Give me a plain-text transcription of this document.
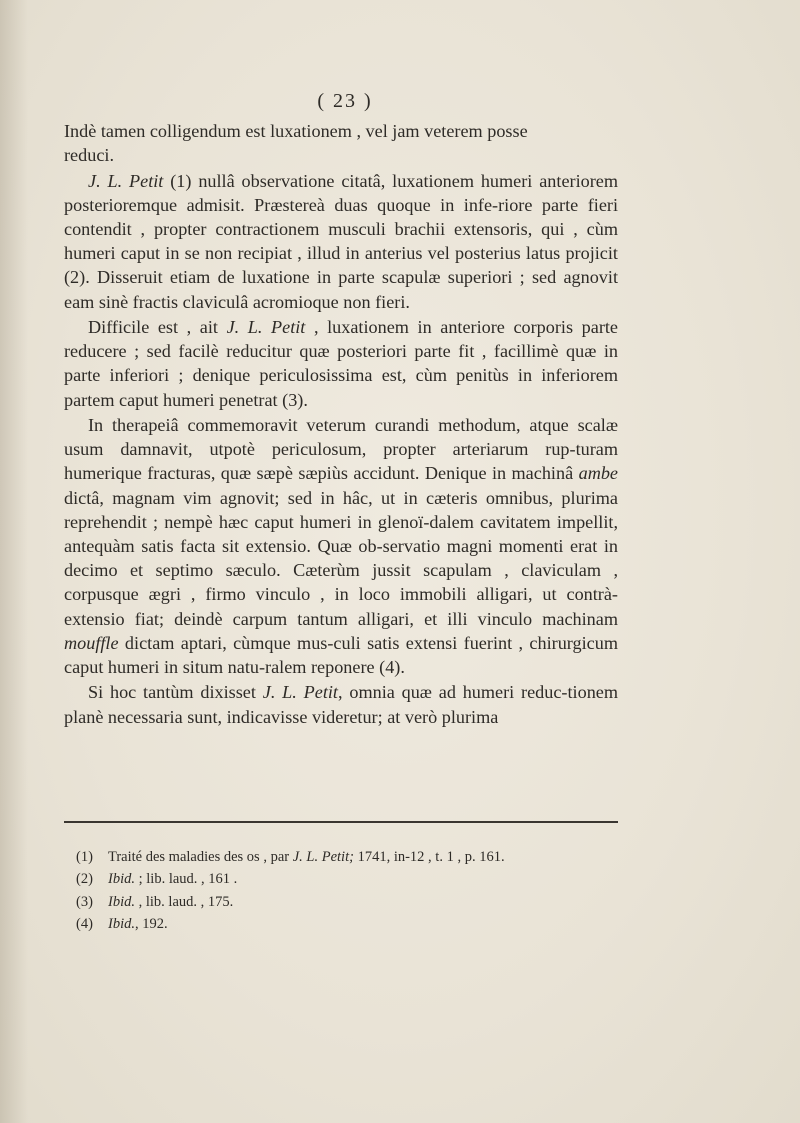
( 23 )

Indè tamen colligendum est luxationem , vel jam veterem posse
reduci.

J. L. Petit (1) nullâ observatione citatâ, luxationem humeri anteriorem posterioremque admisit. Præstereà duas quoque in infe-riore parte fieri contendit , propter contractionem musculi brachii extensoris, qui , cùm humeri caput in se non recipiat , illud in anterius vel posterius latus projicit (2). Disseruit etiam de luxatione in parte scapulæ superiori ; sed agnovit eam sinè fractis claviculâ acromioque non fieri.

Difficile est , ait J. L. Petit , luxationem in anteriore corporis parte reducere ; sed facilè reducitur quæ posteriori parte fit , facillimè quæ in parte inferiori ; denique periculosissima est, cùm penitùs in inferiorem partem caput humeri penetrat (3).

In therapeiâ commemoravit veterum curandi methodum, atque scalæ usum damnavit, utpotè periculosum, propter arteriarum rup-turam humerique fracturas, quæ sæpè sæpiùs accidunt. Denique in machinâ ambe dictâ, magnam vim agnovit; sed in hâc, ut in cæteris omnibus, plurima reprehendit ; nempè hæc caput humeri in glenoï-dalem cavitatem impellit, antequàm satis facta sit extensio. Quæ ob-servatio magni momenti erat in decimo et septimo sæculo. Cæterùm jussit scapulam , claviculam , corpusque ægri , firmo vinculo , in loco immobili alligari, ut contrà-extensio fiat; deindè carpum tantum alligari, et illi vinculo machinam mouffle dictam aptari, cùmque mus-culi satis extensi fuerint , chirurgicum caput humeri in situm natu-ralem reponere (4).

Si hoc tantùm dixisset J. L. Petit, omnia quæ ad humeri reduc-tionem planè necessaria sunt, indicavisse videretur; at verò plurima

(1)	Traité des maladies des os , par J. L. Petit; 1741, in-12 , t. 1 , p. 161.
(2)	Ibid. ; lib. laud. , 161 .
(3)	Ibid. , lib. laud. , 175.
(4)	Ibid., 192.
